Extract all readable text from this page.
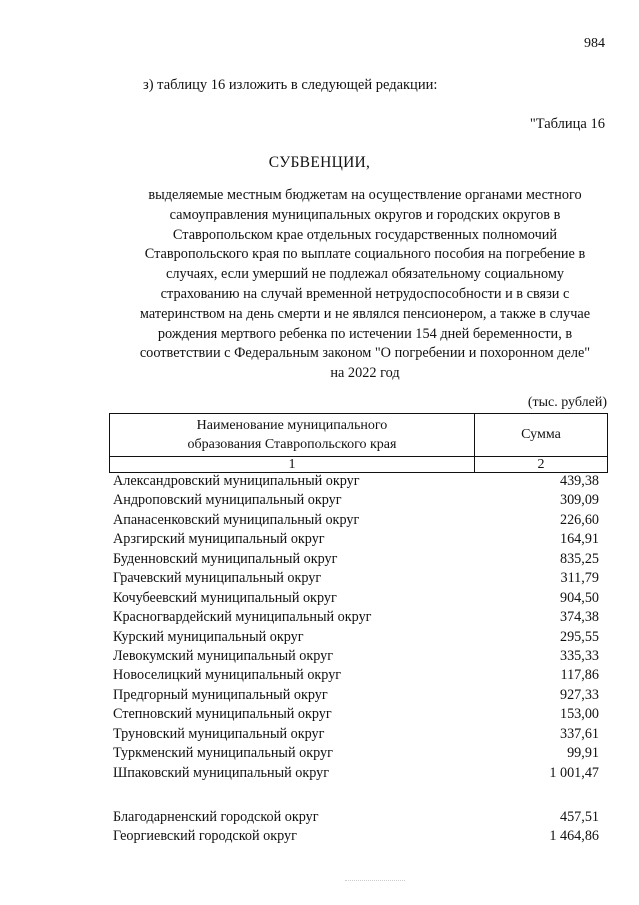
984
з) таблицу 16 изложить в следующей редакции:
"Таблица 16
СУБВЕНЦИИ,
выделяемые местным бюджетам на осуществление органами местного
самоуправления муниципальных округов и городских округов в
Ставропольском крае отдельных государственных полномочий
Ставропольского края по выплате социального пособия на погребение в
случаях, если умерший не подлежал обязательному социальному
страхованию на случай временной нетрудоспособности и в связи с
материнством на день смерти и не являлся пенсионером, а также в случае
рождения мертвого ребенка по истечении 154 дней беременности, в
соответствии с Федеральным законом "О погребении и похоронном деле"
на 2022 год
(тыс. рублей)
Наименование муниципального
образования Ставропольского края	Сумма
1	2
Александровский муниципальный округ	439,38
Андроповский муниципальный округ	309,09
Апанасенковский муниципальный округ	226,60
Арзгирский муниципальный округ	164,91
Буденновский муниципальный округ	835,25
Грачевский муниципальный округ	311,79
Кочубеевский муниципальный округ	904,50
Красногвардейский муниципальный округ	374,38
Курский муниципальный округ	295,55
Левокумский муниципальный округ	335,33
Новоселицкий муниципальный округ	117,86
Предгорный муниципальный округ	927,33
Степновский муниципальный округ	153,00
Труновский муниципальный округ	337,61
Туркменский муниципальный округ	99,91
Шпаковский муниципальный округ	1 001,47
Благодарненский городской округ	457,51
Георгиевский городской округ	1 464,86
